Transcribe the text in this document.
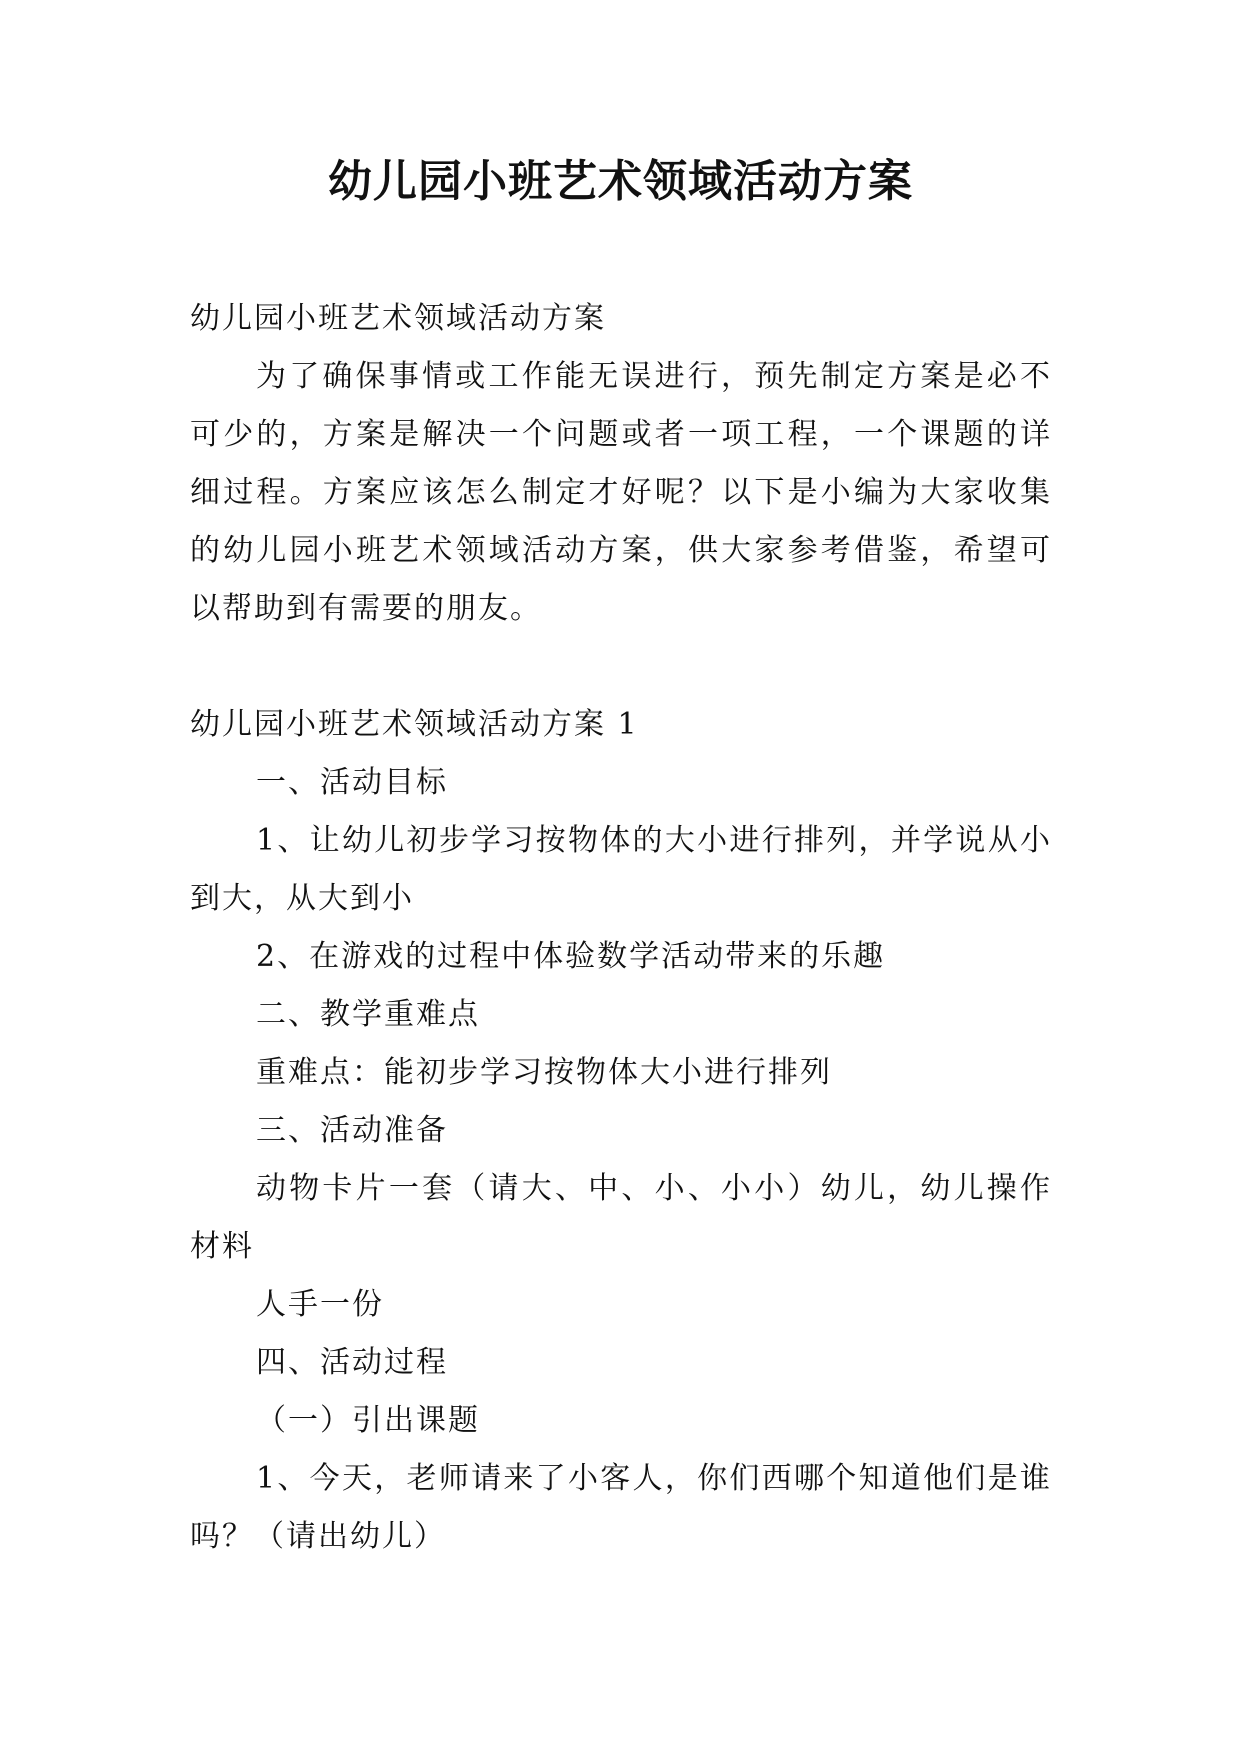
幼儿园小班艺术领域活动方案

幼儿园小班艺术领域活动方案

为了确保事情或工作能无误进行，预先制定方案是必不可少的，方案是解决一个问题或者一项工程，一个课题的详细过程。方案应该怎么制定才好呢？以下是小编为大家收集的幼儿园小班艺术领域活动方案，供大家参考借鉴，希望可以帮助到有需要的朋友。

幼儿园小班艺术领域活动方案 1

一、活动目标

1、让幼儿初步学习按物体的大小进行排列，并学说从小到大，从大到小

2、在游戏的过程中体验数学活动带来的乐趣

二、教学重难点

重难点：能初步学习按物体大小进行排列

三、活动准备

动物卡片一套（请大、中、小、小小）幼儿，幼儿操作材料

人手一份

四、活动过程

（一）引出课题

1、今天，老师请来了小客人，你们西哪个知道他们是谁吗？（请出幼儿）
